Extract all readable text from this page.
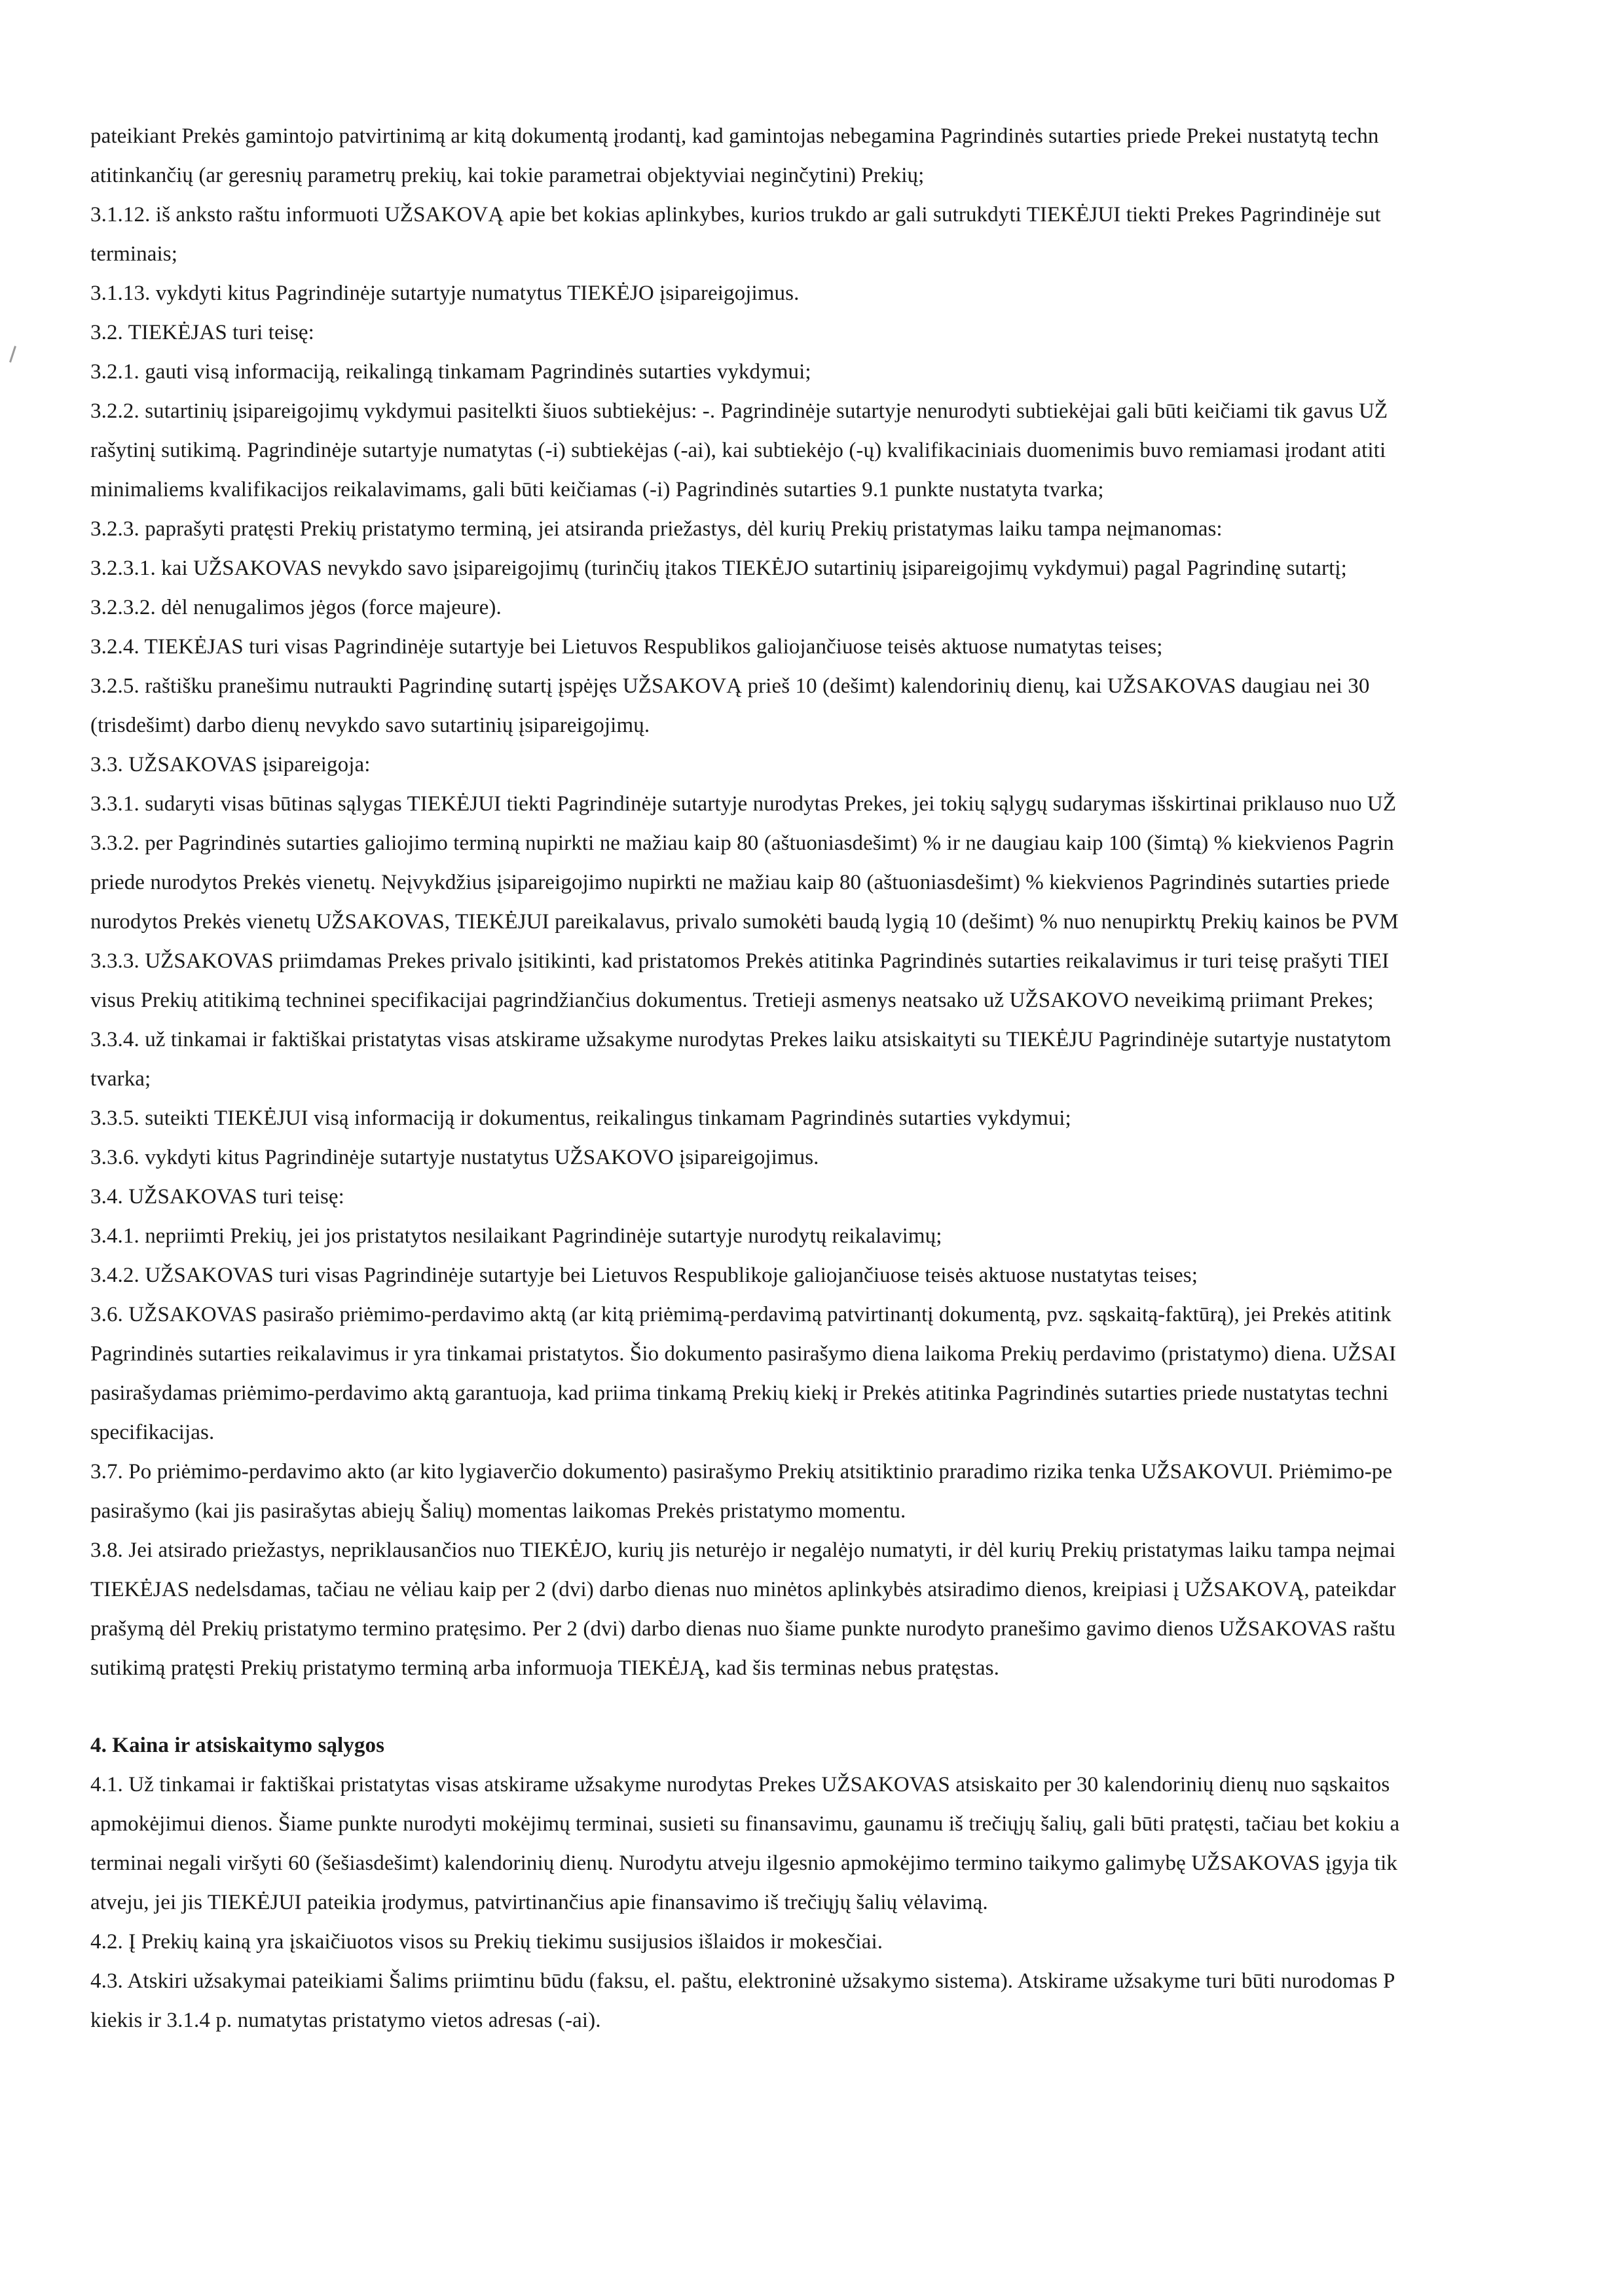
pateikiant Prekės gamintojo patvirtinimą ar kitą dokumentą įrodantį, kad gamintojas nebegamina Pagrindinės sutarties priede Prekei nustatytą techn
atitinkančių (ar geresnių parametrų prekių, kai tokie parametrai objektyviai neginčytini) Prekių;
3.1.12. iš anksto raštu informuoti UŽSAKOVĄ apie bet kokias aplinkybes, kurios trukdo ar gali sutrukdyti TIEKĖJUI tiekti Prekes Pagrindinėje sut
terminais;
3.1.13. vykdyti kitus Pagrindinėje sutartyje numatytus TIEKĖJO įsipareigojimus.
3.2. TIEKĖJAS turi teisę:
3.2.1. gauti visą informaciją, reikalingą tinkamam Pagrindinės sutarties vykdymui;
3.2.2. sutartinių įsipareigojimų vykdymui pasitelkti šiuos subtiekėjus: -. Pagrindinėje sutartyje nenurodyti subtiekėjai gali būti keičiami tik gavus UŽ
rašytinį sutikimą. Pagrindinėje sutartyje numatytas (-i) subtiekėjas (-ai), kai subtiekėjo (-ų) kvalifikaciniais duomenimis buvo remiamasi įrodant atiti
minimaliems kvalifikacijos reikalavimams, gali būti keičiamas (-i) Pagrindinės sutarties 9.1 punkte nustatyta tvarka;
3.2.3. paprašyti pratęsti Prekių pristatymo terminą, jei atsiranda priežastys, dėl kurių Prekių pristatymas laiku tampa neįmanomas:
3.2.3.1. kai UŽSAKOVAS nevykdo savo įsipareigojimų (turinčių įtakos TIEKĖJO sutartinių įsipareigojimų vykdymui) pagal Pagrindinę sutartį;
3.2.3.2. dėl nenugalimos jėgos (force majeure).
3.2.4. TIEKĖJAS turi visas Pagrindinėje sutartyje bei Lietuvos Respublikos galiojančiuose teisės aktuose numatytas teises;
3.2.5. raštišku pranešimu nutraukti Pagrindinę sutartį įspėjęs UŽSAKOVĄ prieš 10 (dešimt) kalendorinių dienų, kai UŽSAKOVAS daugiau nei 30
(trisdešimt) darbo dienų nevykdo savo sutartinių įsipareigojimų.
3.3. UŽSAKOVAS įsipareigoja:
3.3.1. sudaryti visas būtinas sąlygas TIEKĖJUI tiekti Pagrindinėje sutartyje nurodytas Prekes, jei tokių sąlygų sudarymas išskirtinai priklauso nuo UŽ
3.3.2. per Pagrindinės sutarties galiojimo terminą nupirkti ne mažiau kaip 80 (aštuoniasdešimt) % ir ne daugiau kaip 100 (šimtą) % kiekvienos Pagrin
priede nurodytos Prekės vienetų. Neįvykdžius įsipareigojimo nupirkti ne mažiau kaip 80 (aštuoniasdešimt) % kiekvienos Pagrindinės sutarties priede
nurodytos Prekės vienetų UŽSAKOVAS, TIEKĖJUI pareikalavus, privalo sumokėti baudą lygią 10 (dešimt) % nuo nenupirktų Prekių kainos be PVM
3.3.3. UŽSAKOVAS priimdamas Prekes privalo įsitikinti, kad pristatomos Prekės atitinka Pagrindinės sutarties reikalavimus ir turi teisę prašyti TIEI
visus Prekių atitikimą techninei specifikacijai pagrindžiančius dokumentus. Tretieji asmenys neatsako už UŽSAKOVO neveikimą priimant Prekes;
3.3.4. už tinkamai ir faktiškai pristatytas visas atskirame užsakyme nurodytas Prekes laiku atsiskaityti su TIEKĖJU Pagrindinėje sutartyje nustatytom
tvarka;
3.3.5. suteikti TIEKĖJUI visą informaciją ir dokumentus, reikalingus tinkamam Pagrindinės sutarties vykdymui;
3.3.6. vykdyti kitus Pagrindinėje sutartyje nustatytus UŽSAKOVO įsipareigojimus.
3.4. UŽSAKOVAS turi teisę:
3.4.1. nepriimti Prekių, jei jos pristatytos nesilaikant Pagrindinėje sutartyje nurodytų reikalavimų;
3.4.2. UŽSAKOVAS turi visas Pagrindinėje sutartyje bei Lietuvos Respublikoje galiojančiuose teisės aktuose nustatytas teises;
3.6. UŽSAKOVAS pasirašo priėmimo-perdavimo aktą (ar kitą priėmimą-perdavimą patvirtinantį dokumentą, pvz. sąskaitą-faktūrą), jei Prekės atitink
Pagrindinės sutarties reikalavimus ir yra tinkamai pristatytos. Šio dokumento pasirašymo diena laikoma Prekių perdavimo (pristatymo) diena. UŽSAI
pasirašydamas priėmimo-perdavimo aktą garantuoja, kad priima tinkamą Prekių kiekį ir Prekės atitinka Pagrindinės sutarties priede nustatytas techni
specifikacijas.
3.7. Po priėmimo-perdavimo akto (ar kito lygiaverčio dokumento) pasirašymo Prekių atsitiktinio praradimo rizika tenka UŽSAKOVUI. Priėmimo-pe
pasirašymo (kai jis pasirašytas abiejų Šalių) momentas laikomas Prekės pristatymo momentu.
3.8. Jei atsirado priežastys, nepriklausančios nuo TIEKĖJO, kurių jis neturėjo ir negalėjo numatyti, ir dėl kurių Prekių pristatymas laiku tampa neįmai
TIEKĖJAS nedelsdamas, tačiau ne vėliau kaip per 2 (dvi) darbo dienas nuo minėtos aplinkybės atsiradimo dienos, kreipiasi į UŽSAKOVĄ, pateikdar
prašymą dėl Prekių pristatymo termino pratęsimo. Per 2 (dvi) darbo dienas nuo šiame punkte nurodyto pranešimo gavimo dienos UŽSAKOVAS raštu
sutikimą pratęsti Prekių pristatymo terminą arba informuoja TIEKĖJĄ, kad šis terminas nebus pratęstas.
4. Kaina ir atsiskaitymo sąlygos
4.1. Už tinkamai ir faktiškai pristatytas visas atskirame užsakyme nurodytas Prekes UŽSAKOVAS atsiskaito per 30 kalendorinių dienų nuo sąskaitos
apmokėjimui dienos. Šiame punkte nurodyti mokėjimų terminai, susieti su finansavimu, gaunamu iš trečiųjų šalių, gali būti pratęsti, tačiau bet kokiu a
terminai negali viršyti 60 (šešiasdešimt) kalendorinių dienų. Nurodytu atveju ilgesnio apmokėjimo termino taikymo galimybę UŽSAKOVAS įgyja tik
atveju, jei jis TIEKĖJUI pateikia įrodymus, patvirtinančius apie finansavimo iš trečiųjų šalių vėlavimą.
4.2. Į Prekių kainą yra įskaičiuotos visos su Prekių tiekimu susijusios išlaidos ir mokesčiai.
4.3. Atskiri užsakymai pateikiami Šalims priimtinu būdu (faksu, el. paštu, elektroninė užsakymo sistema). Atskirame užsakyme turi būti nurodomas P
kiekis ir 3.1.4 p. numatytas pristatymo vietos adresas (-ai).
